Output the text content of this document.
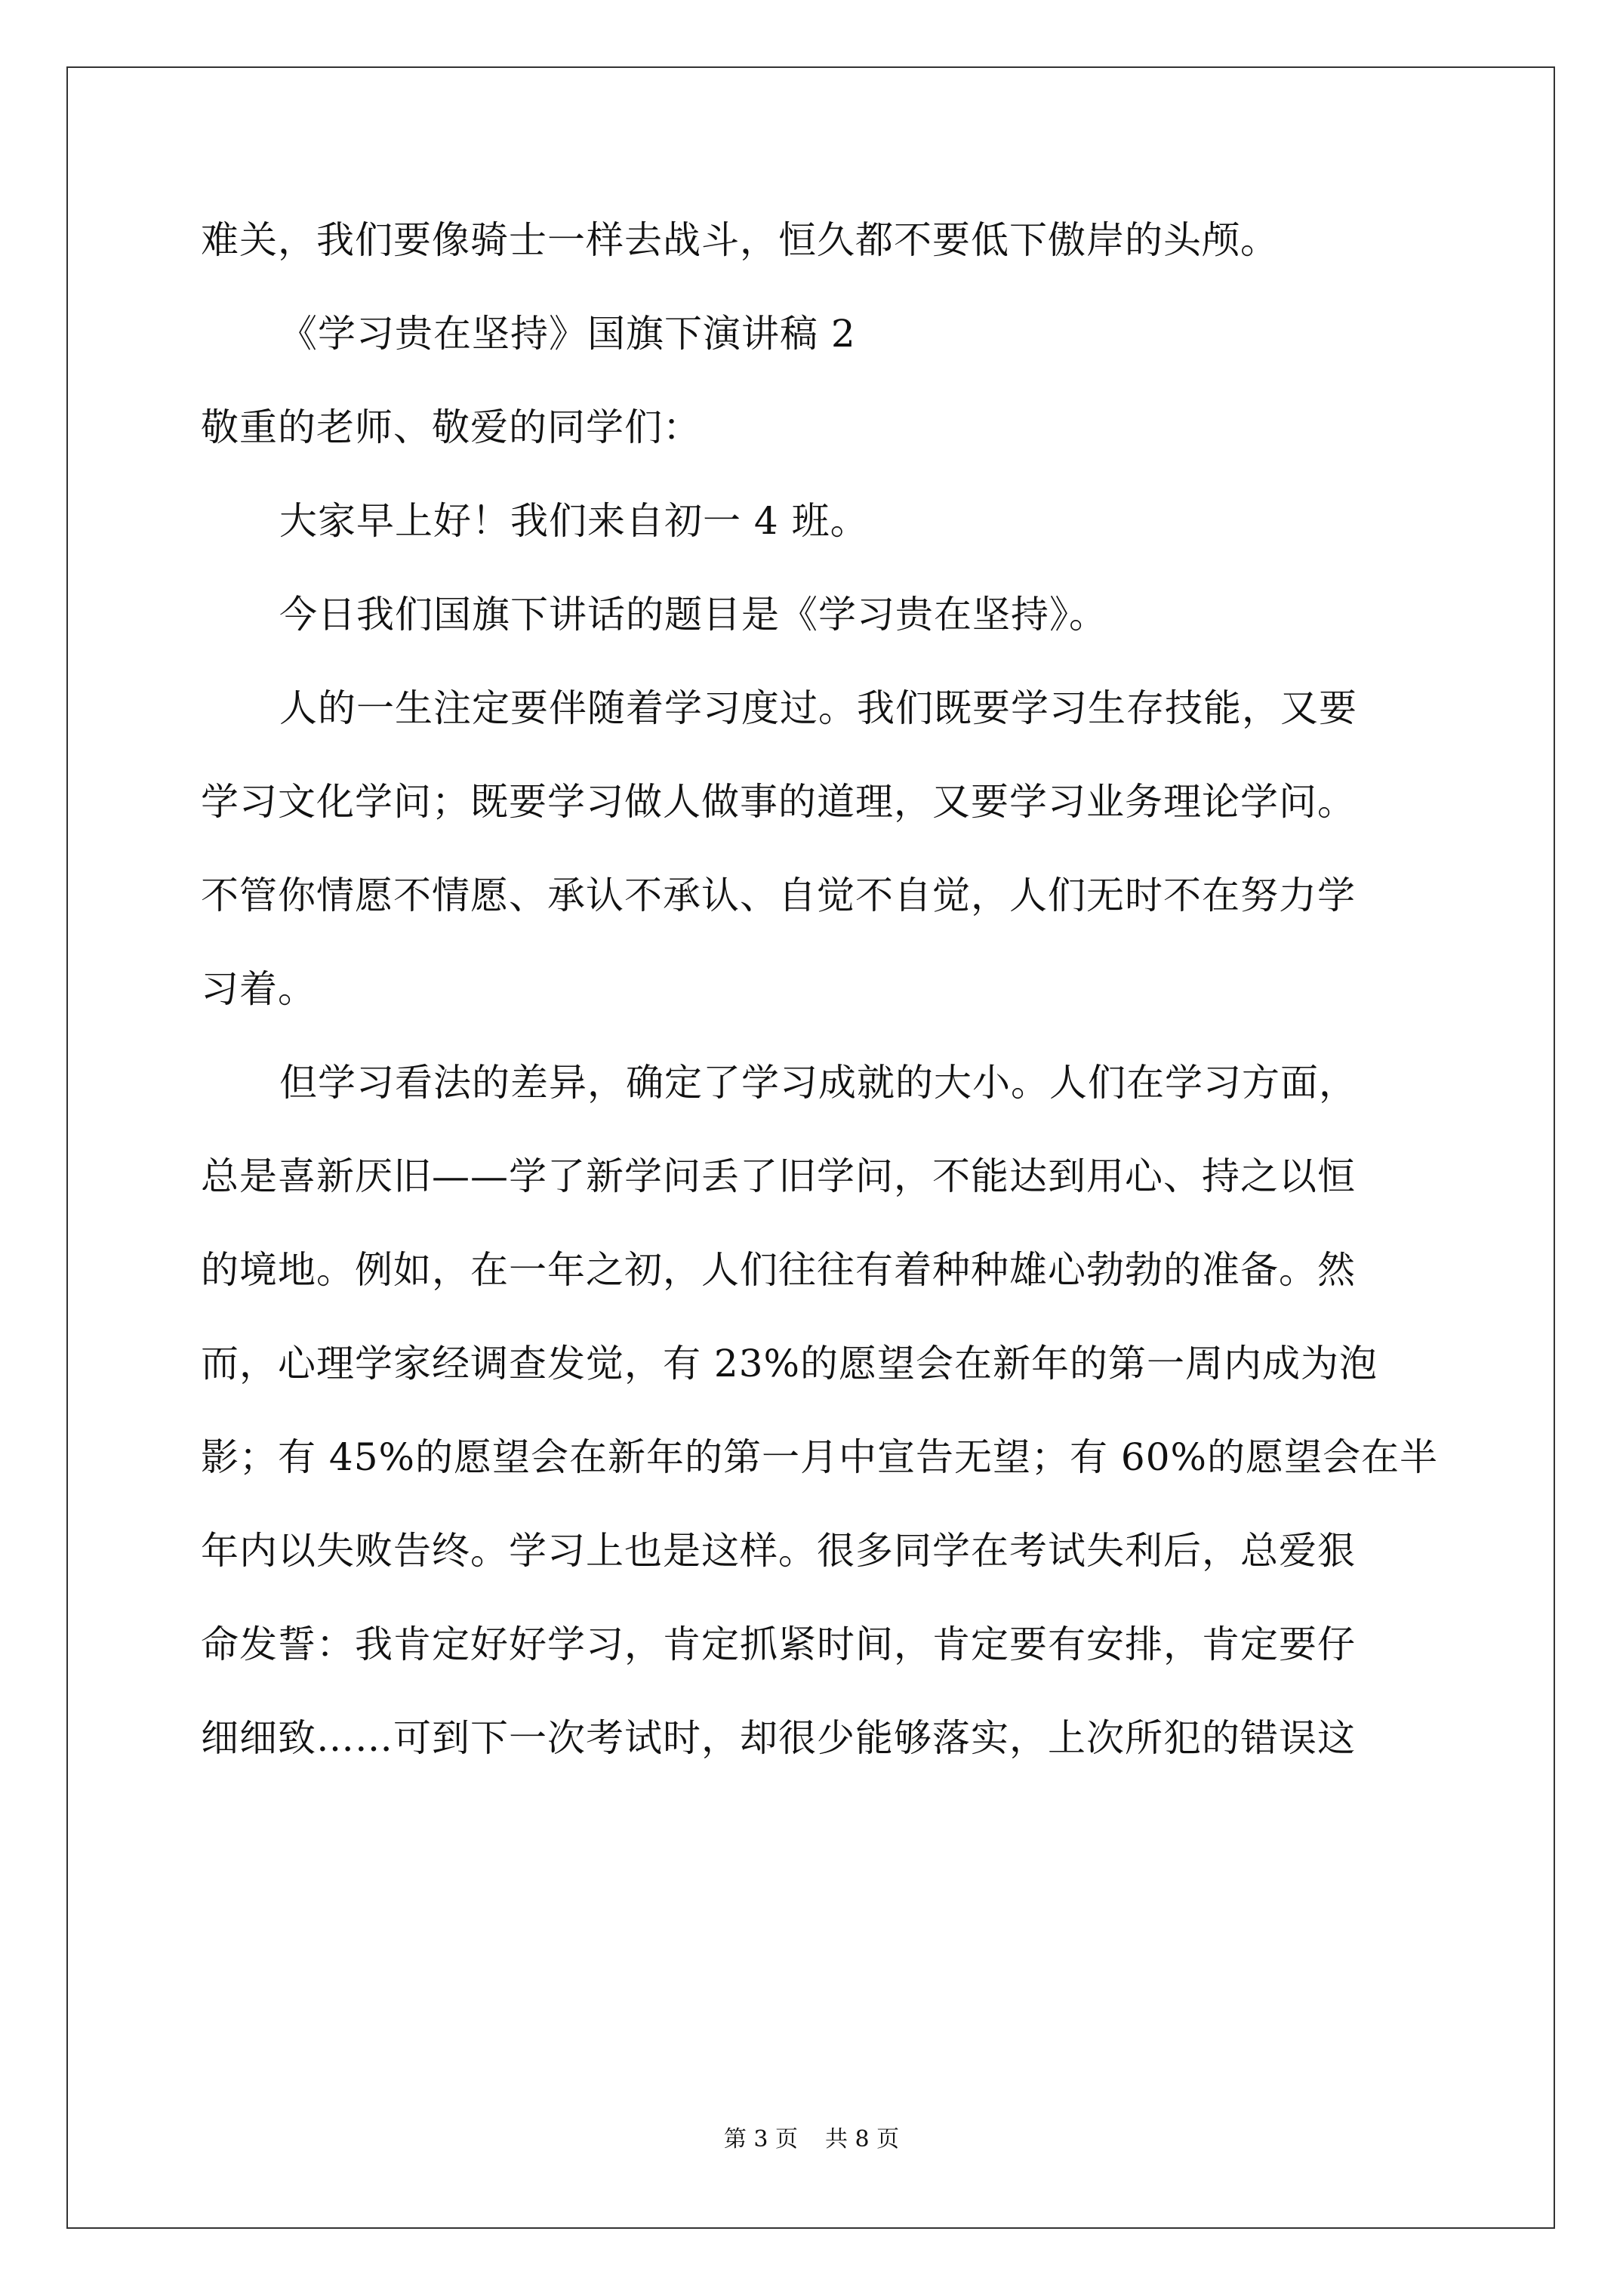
难关，我们要像骑士一样去战斗，恒久都不要低下傲岸的头颅。
《学习贵在坚持》国旗下演讲稿 2
敬重的老师、敬爱的同学们：
大家早上好！我们来自初一 4 班。
今日我们国旗下讲话的题目是《学习贵在坚持》。
人的一生注定要伴随着学习度过。我们既要学习生存技能，又要
学习文化学问；既要学习做人做事的道理，又要学习业务理论学问。
不管你情愿不情愿、承认不承认、自觉不自觉，人们无时不在努力学
习着。
但学习看法的差异，确定了学习成就的大小。人们在学习方面，
总是喜新厌旧——学了新学问丢了旧学问，不能达到用心、持之以恒
的境地。例如，在一年之初，人们往往有着种种雄心勃勃的准备。然
而，心理学家经调查发觉，有 23%的愿望会在新年的第一周内成为泡
影；有 45%的愿望会在新年的第一月中宣告无望；有 60%的愿望会在半
年内以失败告终。学习上也是这样。很多同学在考试失利后，总爱狠
命发誓：我肯定好好学习，肯定抓紧时间，肯定要有安排，肯定要仔
细细致……可到下一次考试时，却很少能够落实，上次所犯的错误这
第 3 页 共 8 页
